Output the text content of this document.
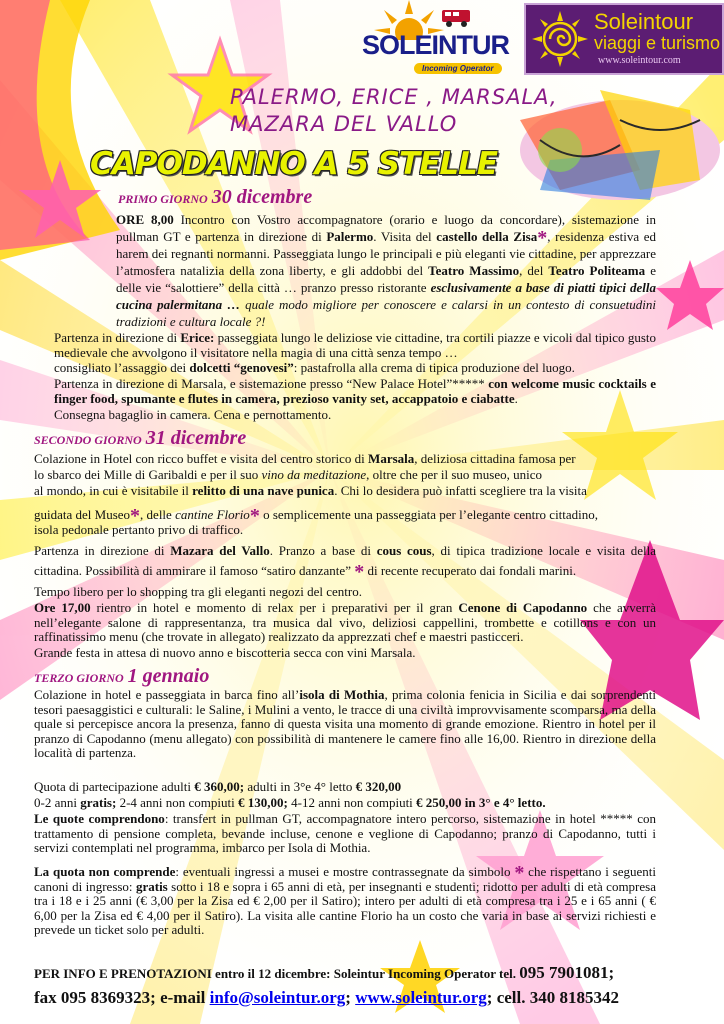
SOLEINTUR
Incoming Operator
Soleintour
viaggi e turismo
www.soleintour.com
PALERMO, ERICE , MARSALA,
MAZARA DEL VALLO
CAPODANNO A 5 STELLE
PRIMO GIORNO 30 dicembre
ORE 8,00 Incontro con Vostro accompagnatore (orario e luogo da concordare), sistemazione in pullman GT e partenza in direzione di Palermo. Visita del castello della Zisa*, residenza estiva ed harem dei regnanti normanni. Passeggiata lungo le principali e più eleganti vie cittadine, per apprezzare l’atmosfera natalizia della zona liberty, e gli addobbi del Teatro Massimo, del Teatro Politeama e delle vie “salottiere” della città … pranzo presso ristorante esclusivamente a base di piatti tipici della cucina palermitana … quale modo migliore per conoscere e calarsi in un contesto di consuetudini tradizioni e cultura locale ?!
Partenza in direzione di Erice: passeggiata lungo le deliziose vie cittadine, tra cortili piazze e vicoli dal tipico gusto medievale che avvolgono il visitatore nella magia di una città senza tempo …
consigliato l’assaggio dei dolcetti “genovesi”: pastafrolla alla crema di tipica produzione del luogo.
Partenza in direzione di Marsala, e sistemazione presso “New Palace Hotel”***** con welcome music cocktails e finger food, spumante e flutes in camera, prezioso vanity set, accappatoio e ciabatte.
Consegna bagaglio in camera. Cena e pernottamento.
SECONDO GIORNO 31 dicembre
Colazione in Hotel con ricco buffet e visita del centro storico di Marsala, deliziosa cittadina famosa per
lo sbarco dei Mille di Garibaldi e per il suo vino da meditazione, oltre che per il suo museo, unico
al mondo, in cui è visitabile il relitto di una nave punica. Chi lo desidera può infatti scegliere tra la visita
guidata del Museo*, delle cantine Florio* o semplicemente una passeggiata per l’elegante centro cittadino,
isola pedonale pertanto privo di traffico.
Partenza in direzione di Mazara del Vallo. Pranzo a base di cous cous, di tipica tradizione locale e visita della cittadina. Possibilità di ammirare il famoso “satiro danzante” * di recente recuperato dai fondali marini.
Tempo libero per lo shopping tra gli eleganti negozi del centro.
Ore 17,00 rientro in hotel e momento di relax per i preparativi per il gran Cenone di Capodanno che avverrà nell’elegante salone di rappresentanza, tra musica dal vivo, deliziosi cappellini, trombette e cotillons e con un raffinatissimo menu (che trovate in allegato) realizzato da apprezzati chef e maestri pasticceri.
Grande festa in attesa di nuovo anno e biscotteria secca con vini Marsala.
TERZO GIORNO 1 gennaio
Colazione in hotel e passeggiata in barca fino all’isola di Mothia, prima colonia fenicia in Sicilia e dai sorprendenti tesori paesaggistici e culturali: le Saline, i Mulini a vento, le tracce di una civiltà improvvisamente scomparsa, ma della quale si percepisce ancora la presenza, fanno di questa visita una momento di grande emozione. Rientro in hotel per il pranzo di Capodanno (menu allegato) con possibilità di mantenere le camere fino alle 16,00. Rientro in direzione della località di partenza.
Quota di partecipazione adulti € 360,00; adulti in 3°e 4° letto € 320,00
0-2 anni gratis; 2-4 anni non compiuti € 130,00; 4-12 anni non compiuti € 250,00 in 3° e 4° letto.
Le quote comprendono: transfert in pullman GT, accompagnatore intero percorso, sistemazione in hotel ***** con trattamento di pensione completa, bevande incluse, cenone e veglione di Capodanno; pranzo di Capodanno, tutti i servizi contemplati nel programma, imbarco per Isola di Mothia.
La quota non comprende: eventuali ingressi a musei e mostre contrassegnate da simbolo * che rispettano i seguenti canoni di ingresso: gratis sotto i 18 e sopra i 65 anni di età, per insegnanti e studenti; ridotto per adulti di età compresa tra i 18 e i 25 anni (€ 3,00 per la Zisa ed € 2,00 per il Satiro); intero per adulti di età compresa tra i 25 e i 65 anni ( € 6,00 per la Zisa ed € 4,00 per il Satiro). La visita alle cantine Florio ha un costo che varia in base ai servizi richiesti e prevede un ticket solo per adulti.
PER INFO E PRENOTAZIONI entro il 12 dicembre: Soleintur Incoming Operator tel. 095 7901081;
fax 095 8369323; e-mail info@soleintur.org; www.soleintur.org; cell. 340 8185342
